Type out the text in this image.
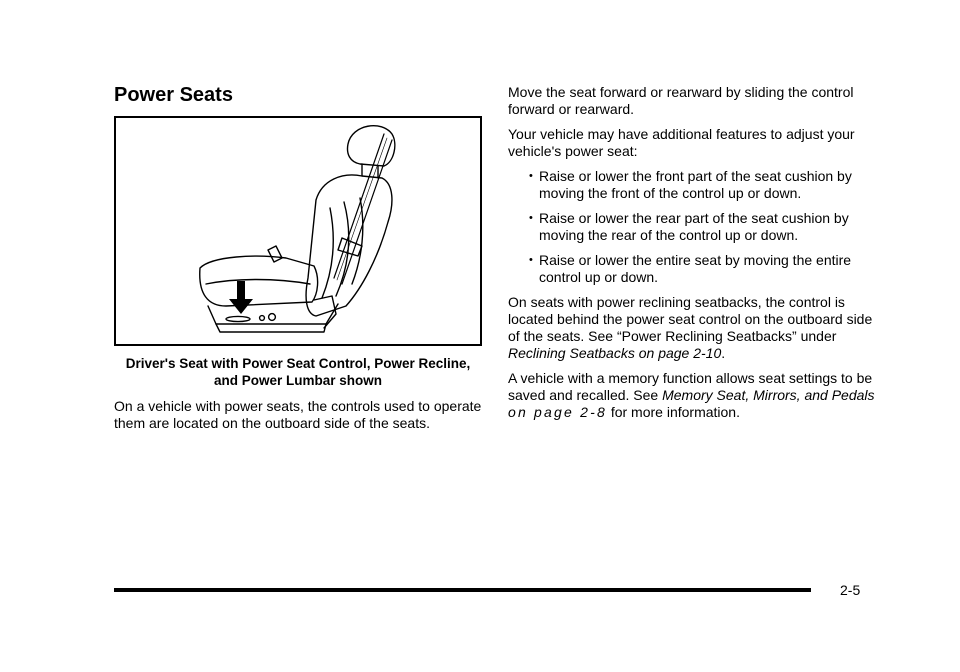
Power Seats
Driver's Seat with Power Seat Control, Power Recline, and Power Lumbar shown

On a vehicle with power seats, the controls used to operate them are located on the outboard side of the seats.

Move the seat forward or rearward by sliding the control forward or rearward.

Your vehicle may have additional features to adjust your vehicle's power seat:

• Raise or lower the front part of the seat cushion by moving the front of the control up or down.
• Raise or lower the rear part of the seat cushion by moving the rear of the control up or down.
• Raise or lower the entire seat by moving the entire control up or down.

On seats with power reclining seatbacks, the control is located behind the power seat control on the outboard side of the seats. See “Power Reclining Seatbacks” under Reclining Seatbacks on page 2‑10.

A vehicle with a memory function allows seat settings to be saved and recalled. See Memory Seat, Mirrors, and Pedals on page 2‑8 for more information.

2-5
